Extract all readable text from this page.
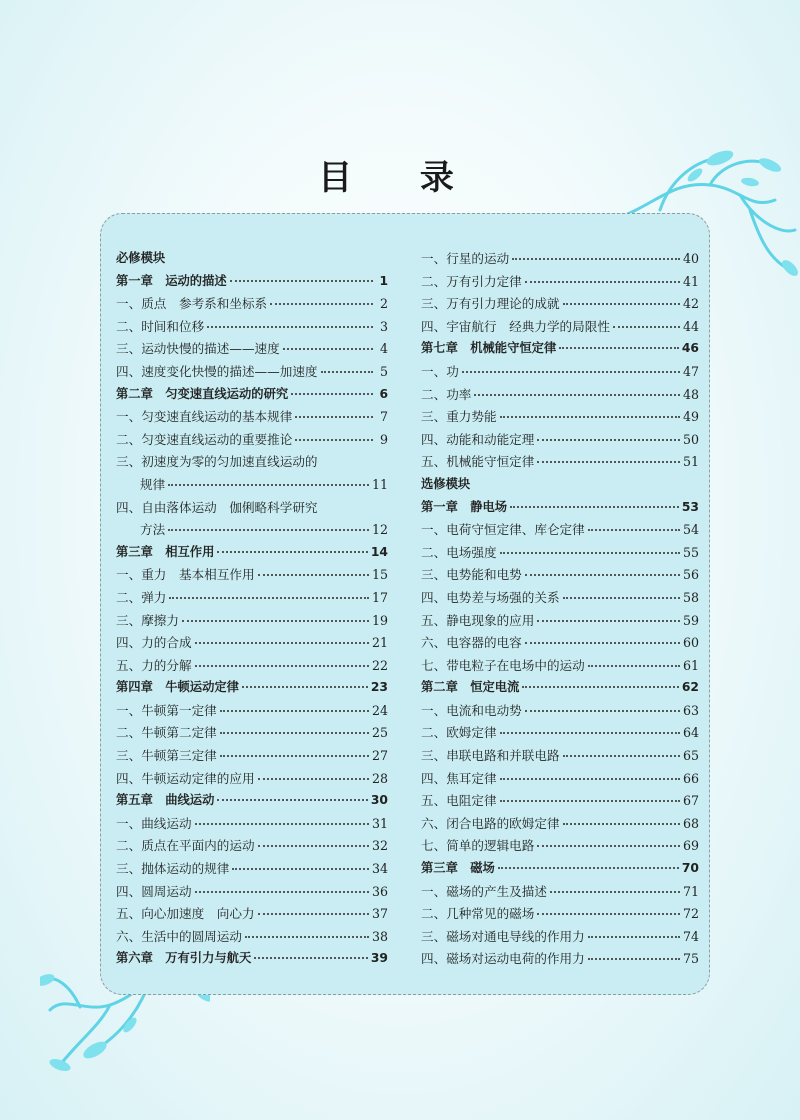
目 录
必修模块
第一章　运动的描述	1
一、质点　参考系和坐标系	2
二、时间和位移	3
三、运动快慢的描述——速度	4
四、速度变化快慢的描述——加速度	5
第二章　匀变速直线运动的研究	6
一、匀变速直线运动的基本规律	7
二、匀变速直线运动的重要推论	9
三、初速度为零的匀加速直线运动的
规律	11
四、自由落体运动　伽俐略科学研究
方法	12
第三章　相互作用	14
一、重力　基本相互作用	15
二、弹力	17
三、摩擦力	19
四、力的合成	21
五、力的分解	22
第四章　牛顿运动定律	23
一、牛顿第一定律	24
二、牛顿第二定律	25
三、牛顿第三定律	27
四、牛顿运动定律的应用	28
第五章　曲线运动	30
一、曲线运动	31
二、质点在平面内的运动	32
三、抛体运动的规律	34
四、圆周运动	36
五、向心加速度　向心力	37
六、生活中的圆周运动	38
第六章　万有引力与航天	39
一、行星的运动	40
二、万有引力定律	41
三、万有引力理论的成就	42
四、宇宙航行　经典力学的局限性	44
第七章　机械能守恒定律	46
一、功	47
二、功率	48
三、重力势能	49
四、动能和动能定理	50
五、机械能守恒定律	51
选修模块
第一章　静电场	53
一、电荷守恒定律、库仑定律	54
二、电场强度	55
三、电势能和电势	56
四、电势差与场强的关系	58
五、静电现象的应用	59
六、电容器的电容	60
七、带电粒子在电场中的运动	61
第二章　恒定电流	62
一、电流和电动势	63
二、欧姆定律	64
三、串联电路和并联电路	65
四、焦耳定律	66
五、电阻定律	67
六、闭合电路的欧姆定律	68
七、简单的逻辑电路	69
第三章　磁场	70
一、磁场的产生及描述	71
二、几种常见的磁场	72
三、磁场对通电导线的作用力	74
四、磁场对运动电荷的作用力	75
